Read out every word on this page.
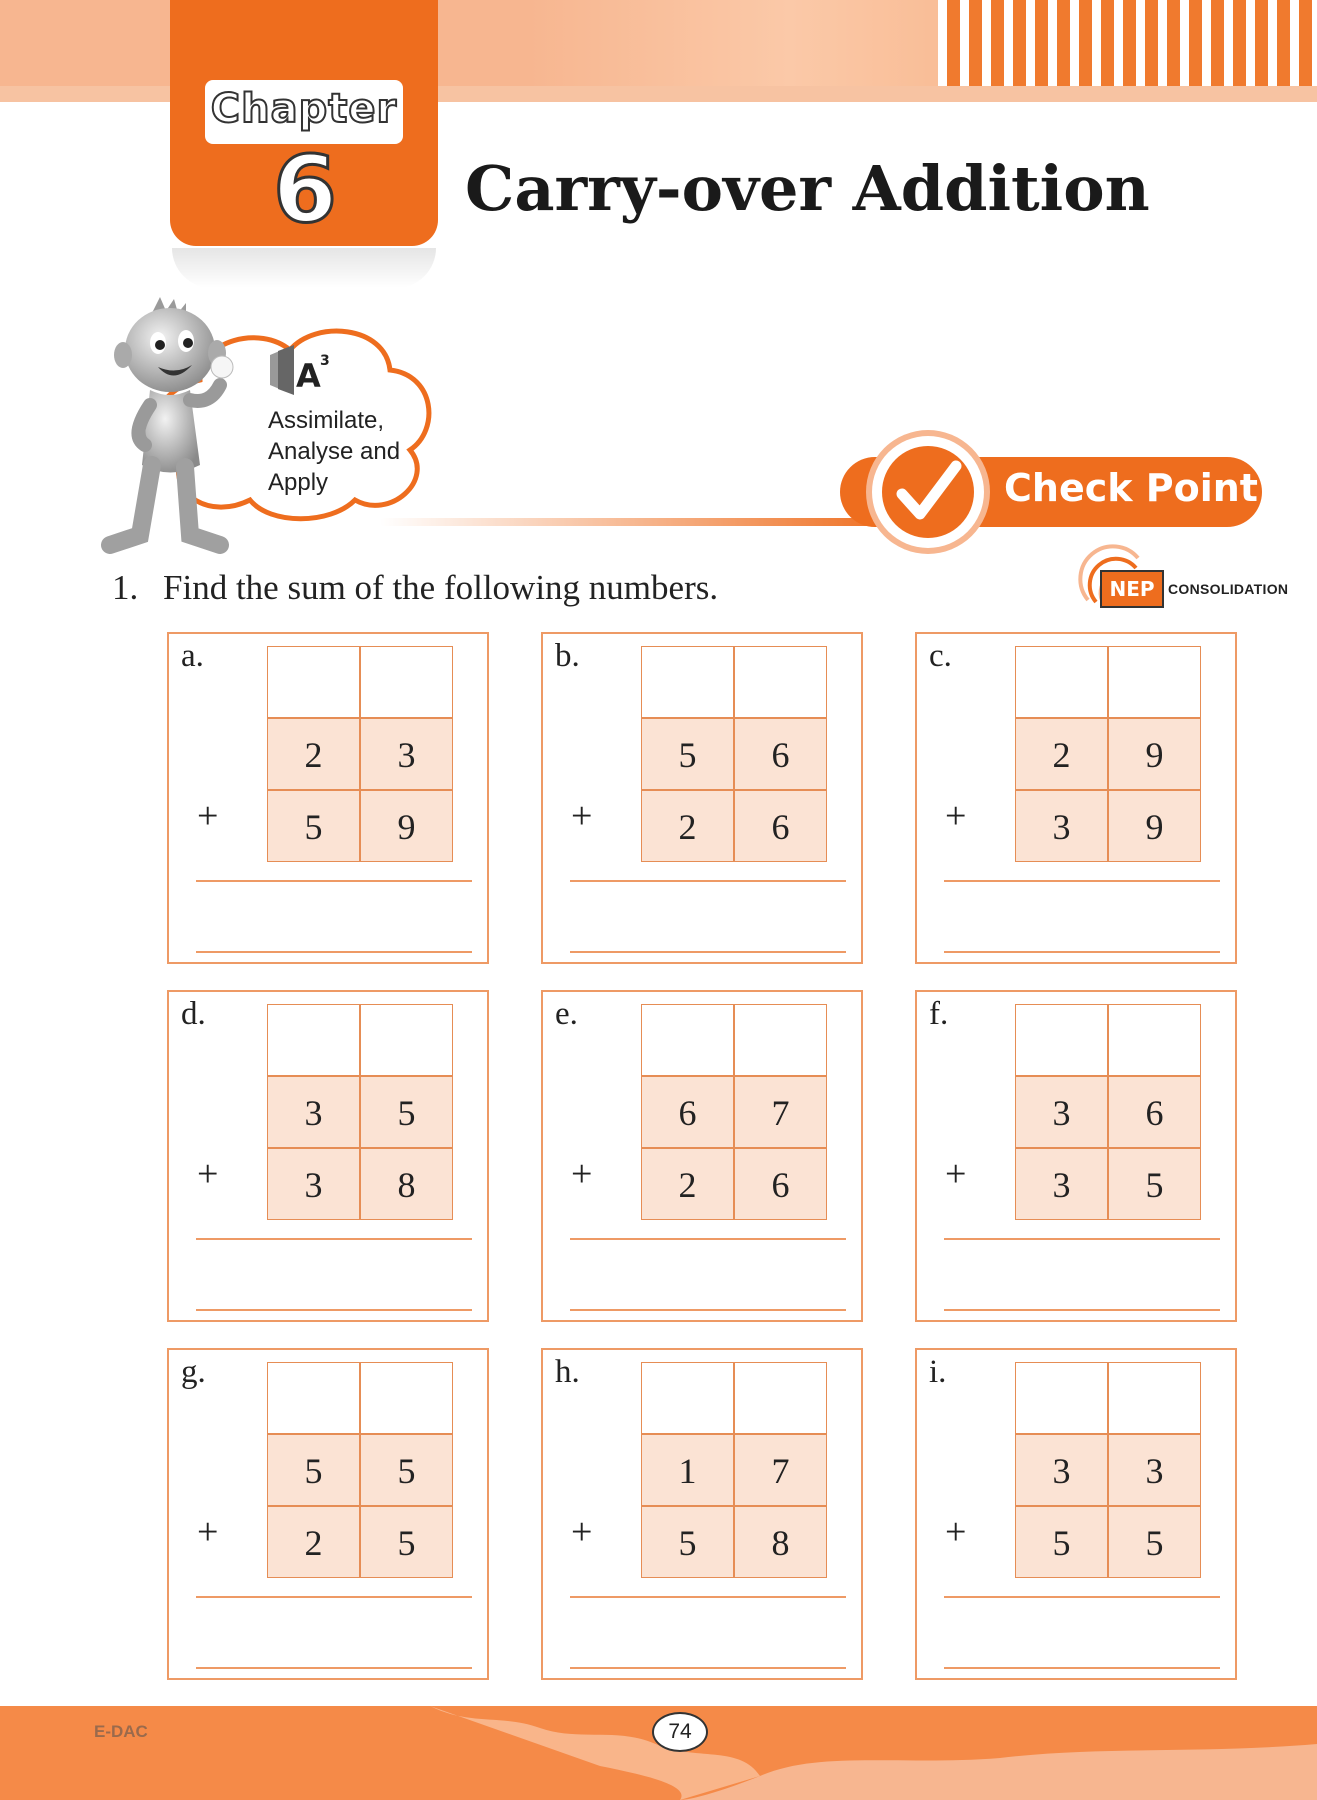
Chapter
6	Carry-over Addition
A 3
Assimilate,
Analyse and
Apply	Check Point
1. Find the sum of the following numbers.	NEP CONSOLIDATION
a.
2	3
5	9
+
b.
5	6
2	6
+
c.
2	9
3	9
+
d.
3	5
3	8
+
e.
6	7
2	6
+
f.
3	6
3	5
+
g.
5	5
2	5
+
h.
1	7
5	8
+
i.
3	3
5	5
+
E-DAC	74
